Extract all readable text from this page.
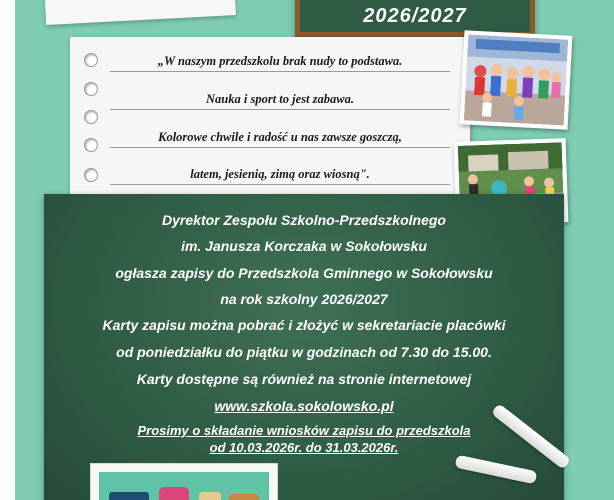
2026/2027
„W naszym przedszkolu brak nudy to podstawa.
Nauka i sport to jest zabawa.
Kolorowe chwile i radość u nas zawsze goszczą,
latem, jesienią, zimą oraz wiosną".
Dyrektor Zespołu Szkolno-Przedszkolnego
im. Janusza Korczaka w Sokołowsku
ogłasza zapisy do Przedszkola Gminnego w Sokołowsku
na rok szkolny 2026/2027
Karty zapisu można pobrać i złożyć w sekretariacie placówki
od poniedziałku do piątku w godzinach od 7.30 do 15.00.
Karty dostępne są również na stronie internetowej
www.szkola.sokolowsko.pl
Prosimy o składanie wniosków zapisu do przedszkola
od 10.03.2026r. do 31.03.2026r.
